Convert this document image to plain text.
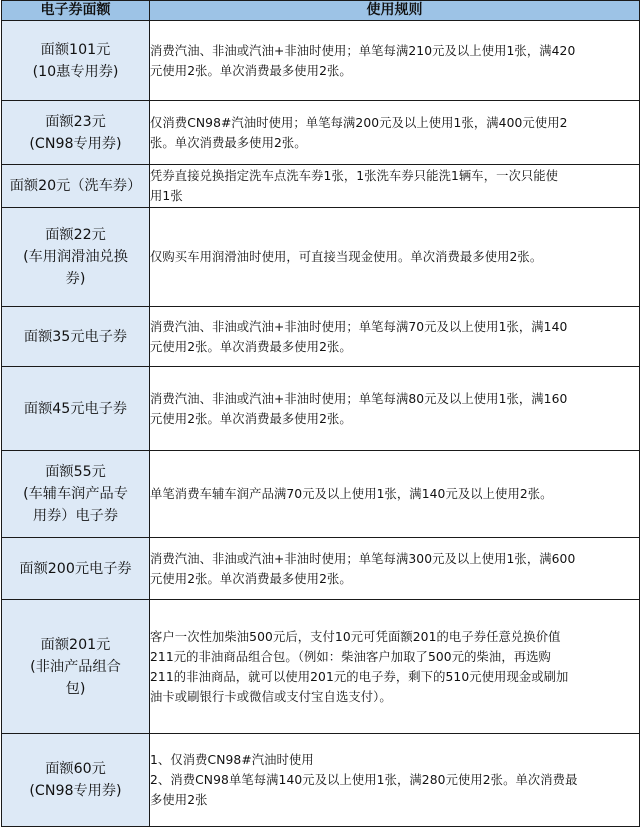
电子券面额	使用规则

面额101元
(10惠专用券)	消费汽油、非油或汽油+非油时使用；单笔每满210元及以上使用1张，满420
元使用2张。单次消费最多使用2张。

面额23元
(CN98专用券)	仅消费CN98#汽油时使用；单笔每满200元及以上使用1张，满400元使用2
张。单次消费最多使用2张。

面额20元（洗车券）	凭券直接兑换指定洗车点洗车券1张，1张洗车券只能洗1辆车，一次只能使
用1张

面额22元
(车用润滑油兑换
券)	仅购买车用润滑油时使用，可直接当现金使用。单次消费最多使用2张。

面额35元电子券	消费汽油、非油或汽油+非油时使用；单笔每满70元及以上使用1张，满140
元使用2张。单次消费最多使用2张。

面额45元电子券	消费汽油、非油或汽油+非油时使用；单笔每满80元及以上使用1张，满160
元使用2张。单次消费最多使用2张。

面额55元
(车辅车润产品专
用券）电子券	单笔消费车辅车润产品满70元及以上使用1张，满140元及以上使用2张。

面额200元电子券	消费汽油、非油或汽油+非油时使用；单笔每满300元及以上使用1张，满600
元使用2张。单次消费最多使用2张。

面额201元
(非油产品组合
包)	客户一次性加柴油500元后，支付10元可凭面额201的电子券任意兑换价值
211元的非油商品组合包。（例如：柴油客户加取了500元的柴油，再选购
211的非油商品，就可以使用201元的电子券，剩下的510元使用现金或刷加
油卡或刷银行卡或微信或支付宝自选支付）。

面额60元
(CN98专用券)	1、仅消费CN98#汽油时使用
2、消费CN98单笔每满140元及以上使用1张，满280元使用2张。单次消费最
多使用2张
